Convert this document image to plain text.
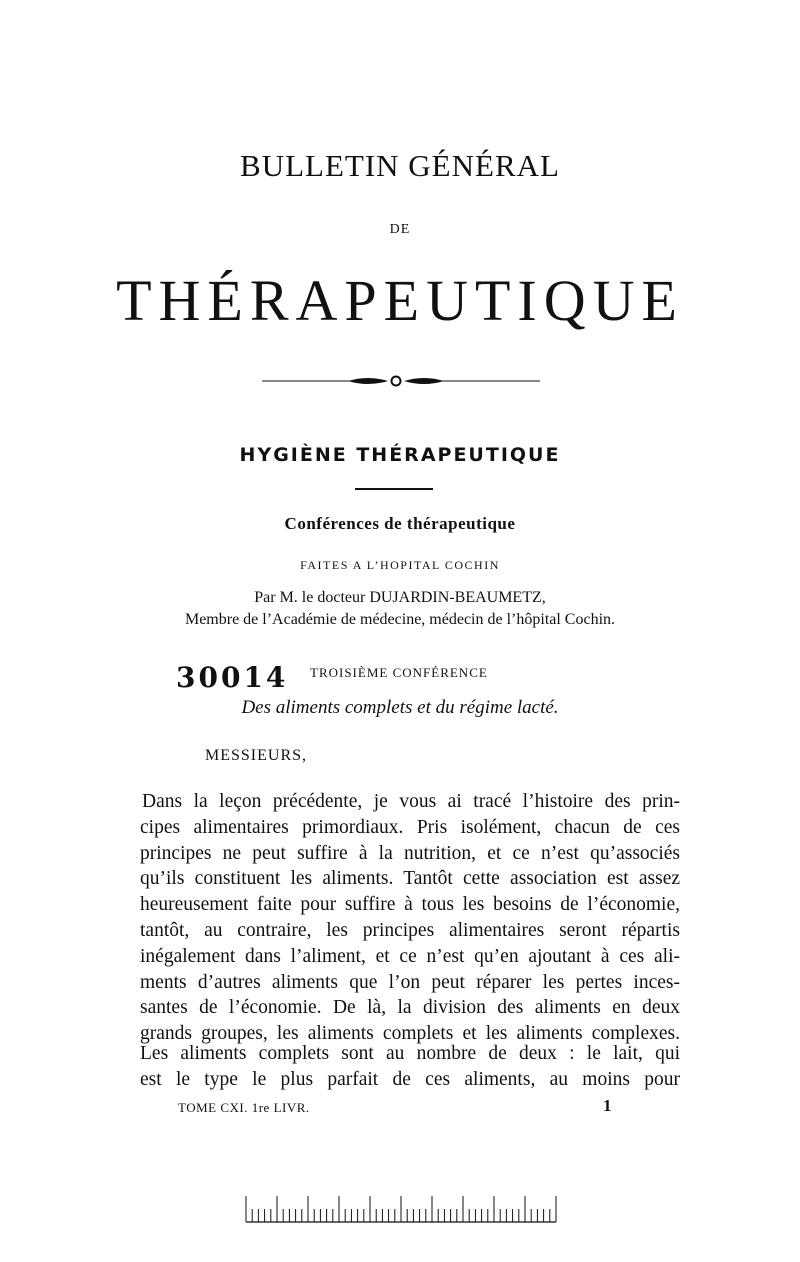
BULLETIN GÉNÉRAL
DE
THÉRAPEUTIQUE
HYGIÈNE THÉRAPEUTIQUE
Conférences de thérapeutique
FAITES A L’HOPITAL COCHIN
Par M. le docteur DUJARDIN-BEAUMETZ,
Membre de l’Académie de médecine, médecin de l’hôpital Cochin.
30014 TROISIÈME CONFÉRENCE
Des aliments complets et du régime lacté.
MESSIEURS,
Dans la leçon précédente, je vous ai tracé l’histoire des prin-
cipes alimentaires primordiaux. Pris isolément, chacun de ces
principes ne peut suffire à la nutrition, et ce n’est qu’associés
qu’ils constituent les aliments. Tantôt cette association est assez
heureusement faite pour suffire à tous les besoins de l’économie,
tantôt, au contraire, les principes alimentaires seront répartis
inégalement dans l’aliment, et ce n’est qu’en ajoutant à ces ali-
ments d’autres aliments que l’on peut réparer les pertes inces-
santes de l’économie. De là, la division des aliments en deux
grands groupes, les aliments complets et les aliments complexes.
Les aliments complets sont au nombre de deux : le lait, qui
est le type le plus parfait de ces aliments, au moins pour
TOME CXI. 1re LIVR.	1
